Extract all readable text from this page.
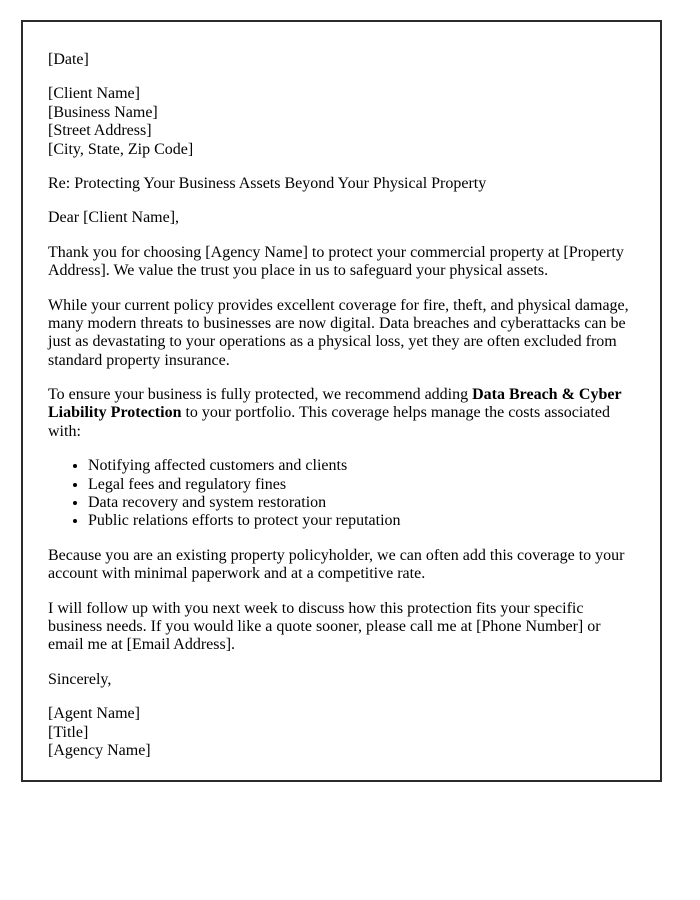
[Date]

[Client Name]
[Business Name]
[Street Address]
[City, State, Zip Code]

Re: Protecting Your Business Assets Beyond Your Physical Property

Dear [Client Name],

Thank you for choosing [Agency Name] to protect your commercial property at [Property Address]. We value the trust you place in us to safeguard your physical assets.

While your current policy provides excellent coverage for fire, theft, and physical damage, many modern threats to businesses are now digital. Data breaches and cyberattacks can be just as devastating to your operations as a physical loss, yet they are often excluded from standard property insurance.

To ensure your business is fully protected, we recommend adding Data Breach & Cyber Liability Protection to your portfolio. This coverage helps manage the costs associated with:

• Notifying affected customers and clients
• Legal fees and regulatory fines
• Data recovery and system restoration
• Public relations efforts to protect your reputation

Because you are an existing property policyholder, we can often add this coverage to your account with minimal paperwork and at a competitive rate.

I will follow up with you next week to discuss how this protection fits your specific business needs. If you would like a quote sooner, please call me at [Phone Number] or email me at [Email Address].

Sincerely,

[Agent Name]
[Title]
[Agency Name]
